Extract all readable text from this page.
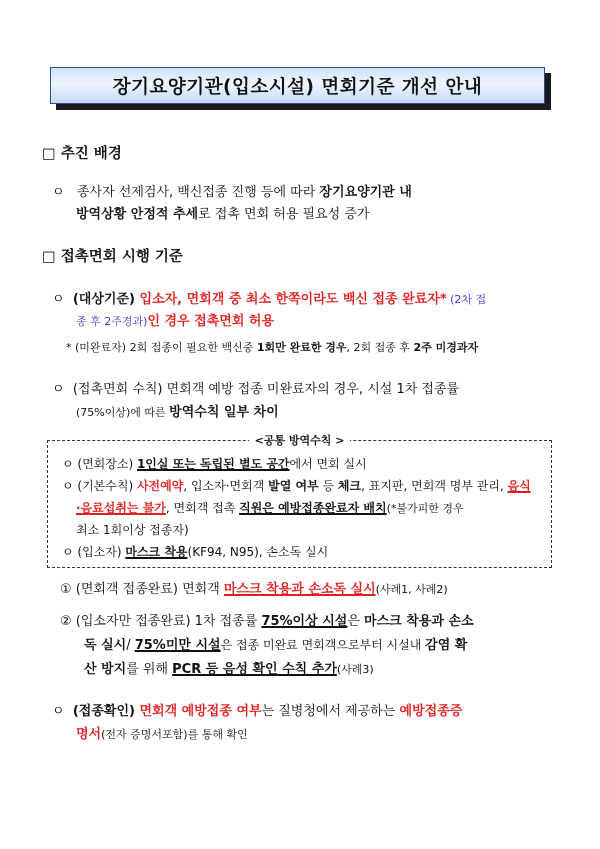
장기요양기관(입소시설) 면회기준 개선 안내
□ 추진 배경
ㅇ 종사자 선제검사, 백신접종 진행 등에 따라 장기요양기관 내
방역상황 안정적 추세로 접촉 면회 허용 필요성 증가
□ 접촉면회 시행 기준
ㅇ (대상기준) 입소자, 면회객 중 최소 한쪽이라도 백신 접종 완료자* (2차 접
종 후 2주경과)인 경우 접촉면회 허용
* (미완료자) 2회 접종이 필요한 백신중 1회만 완료한 경우, 2회 접종 후 2주 미경과자
ㅇ (접촉면회 수칙) 면회객 예방 접종 미완료자의 경우, 시설 1차 접종률
(75%이상)에 따른 방역수칙 일부 차이
<공통 방역수칙 >
ㅇ (면회장소) 1인실 또는 독립된 별도 공간에서 면회 실시
ㅇ (기본수칙) 사전예약, 입소자·면회객 발열 여부 등 체크, 표지판, 면회객 명부 관리, 음식
·음료섭취는 불가, 면회객 접촉 직원은 예방접종완료자 배치(*불가피한 경우
최소 1회이상 접종자)
ㅇ (입소자) 마스크 착용(KF94, N95), 손소독 실시
① (면회객 접종완료) 면회객 마스크 착용과 손소독 실시(사례1, 사례2)
② (입소자만 접종완료) 1차 접종률 75%이상 시설은 마스크 착용과 손소
독 실시/ 75%미만 시설은 접종 미완료 면회객으로부터 시설내 감염 확
산 방지를 위해 PCR 등 음성 확인 수칙 추가(사례3)
ㅇ (접종확인) 면회객 예방접종 여부는 질병청에서 제공하는 예방접종증
명서(전자 증명서포함)를 통해 확인
